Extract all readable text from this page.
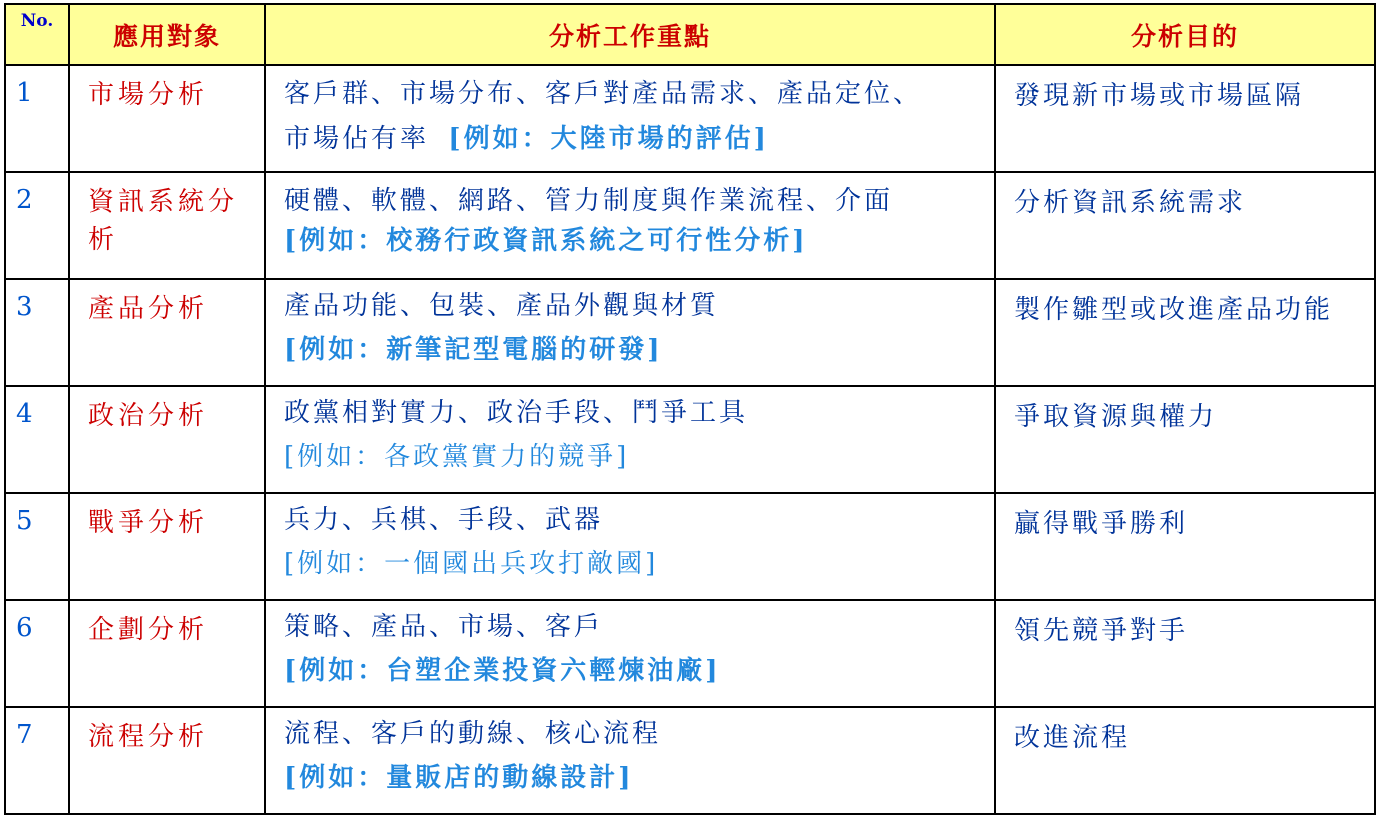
No.	應用對象	分析工作重點	分析目的
1	市場分析	客戶群、市場分布、客戶對產品需求、產品定位、
市場佔有率 [例如：大陸市場的評估]	發現新市場或市場區隔
2	資訊系統分析	硬體、軟體、網路、管力制度與作業流程、介面
[例如：校務行政資訊系統之可行性分析]	分析資訊系統需求
3	產品分析	產品功能、包裝、產品外觀與材質
[例如：新筆記型電腦的研發]	製作雛型或改進產品功能
4	政治分析	政黨相對實力、政治手段、鬥爭工具
[例如：各政黨實力的競爭]	爭取資源與權力
5	戰爭分析	兵力、兵棋、手段、武器
[例如：一個國出兵攻打敵國]	贏得戰爭勝利
6	企劃分析	策略、產品、市場、客戶
[例如：台塑企業投資六輕煉油廠]	領先競爭對手
7	流程分析	流程、客戶的動線、核心流程
[例如：量販店的動線設計]	改進流程
